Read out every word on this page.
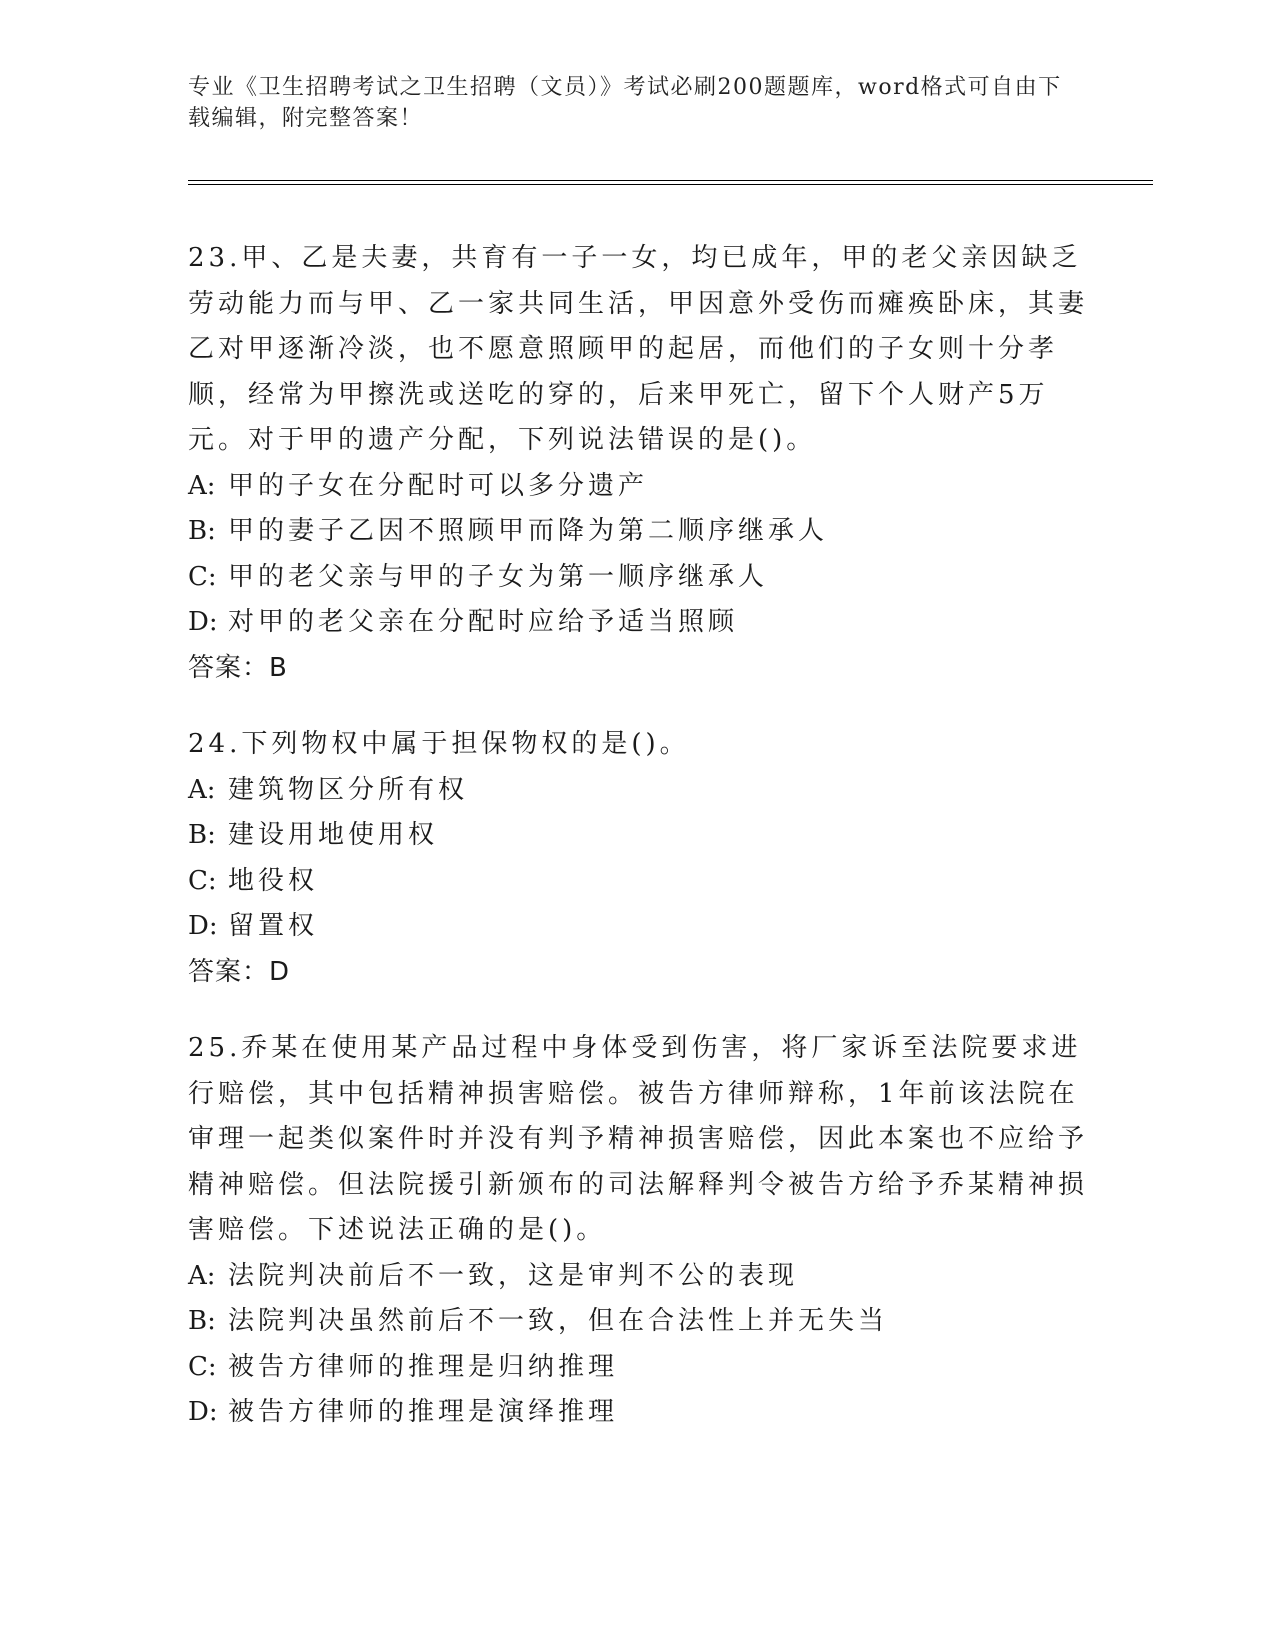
专业《卫生招聘考试之卫生招聘（文员）》考试必刷200题题库，word格式可自由下载编辑，附完整答案！

23.甲、乙是夫妻，共育有一子一女，均已成年，甲的老父亲因缺乏劳动能力而与甲、乙一家共同生活，甲因意外受伤而瘫痪卧床，其妻乙对甲逐渐冷淡，也不愿意照顾甲的起居，而他们的子女则十分孝顺，经常为甲擦洗或送吃的穿的，后来甲死亡，留下个人财产5万元。对于甲的遗产分配，下列说法错误的是()。

A: 甲的子女在分配时可以多分遗产

B: 甲的妻子乙因不照顾甲而降为第二顺序继承人

C: 甲的老父亲与甲的子女为第一顺序继承人

D: 对甲的老父亲在分配时应给予适当照顾

答案：B

24.下列物权中属于担保物权的是()。

A: 建筑物区分所有权

B: 建设用地使用权

C: 地役权

D: 留置权

答案：D

25.乔某在使用某产品过程中身体受到伤害，将厂家诉至法院要求进行赔偿，其中包括精神损害赔偿。被告方律师辩称，1年前该法院在审理一起类似案件时并没有判予精神损害赔偿，因此本案也不应给予精神赔偿。但法院援引新颁布的司法解释判令被告方给予乔某精神损害赔偿。下述说法正确的是()。

A: 法院判决前后不一致，这是审判不公的表现

B: 法院判决虽然前后不一致，但在合法性上并无失当

C: 被告方律师的推理是归纳推理

D: 被告方律师的推理是演绎推理
